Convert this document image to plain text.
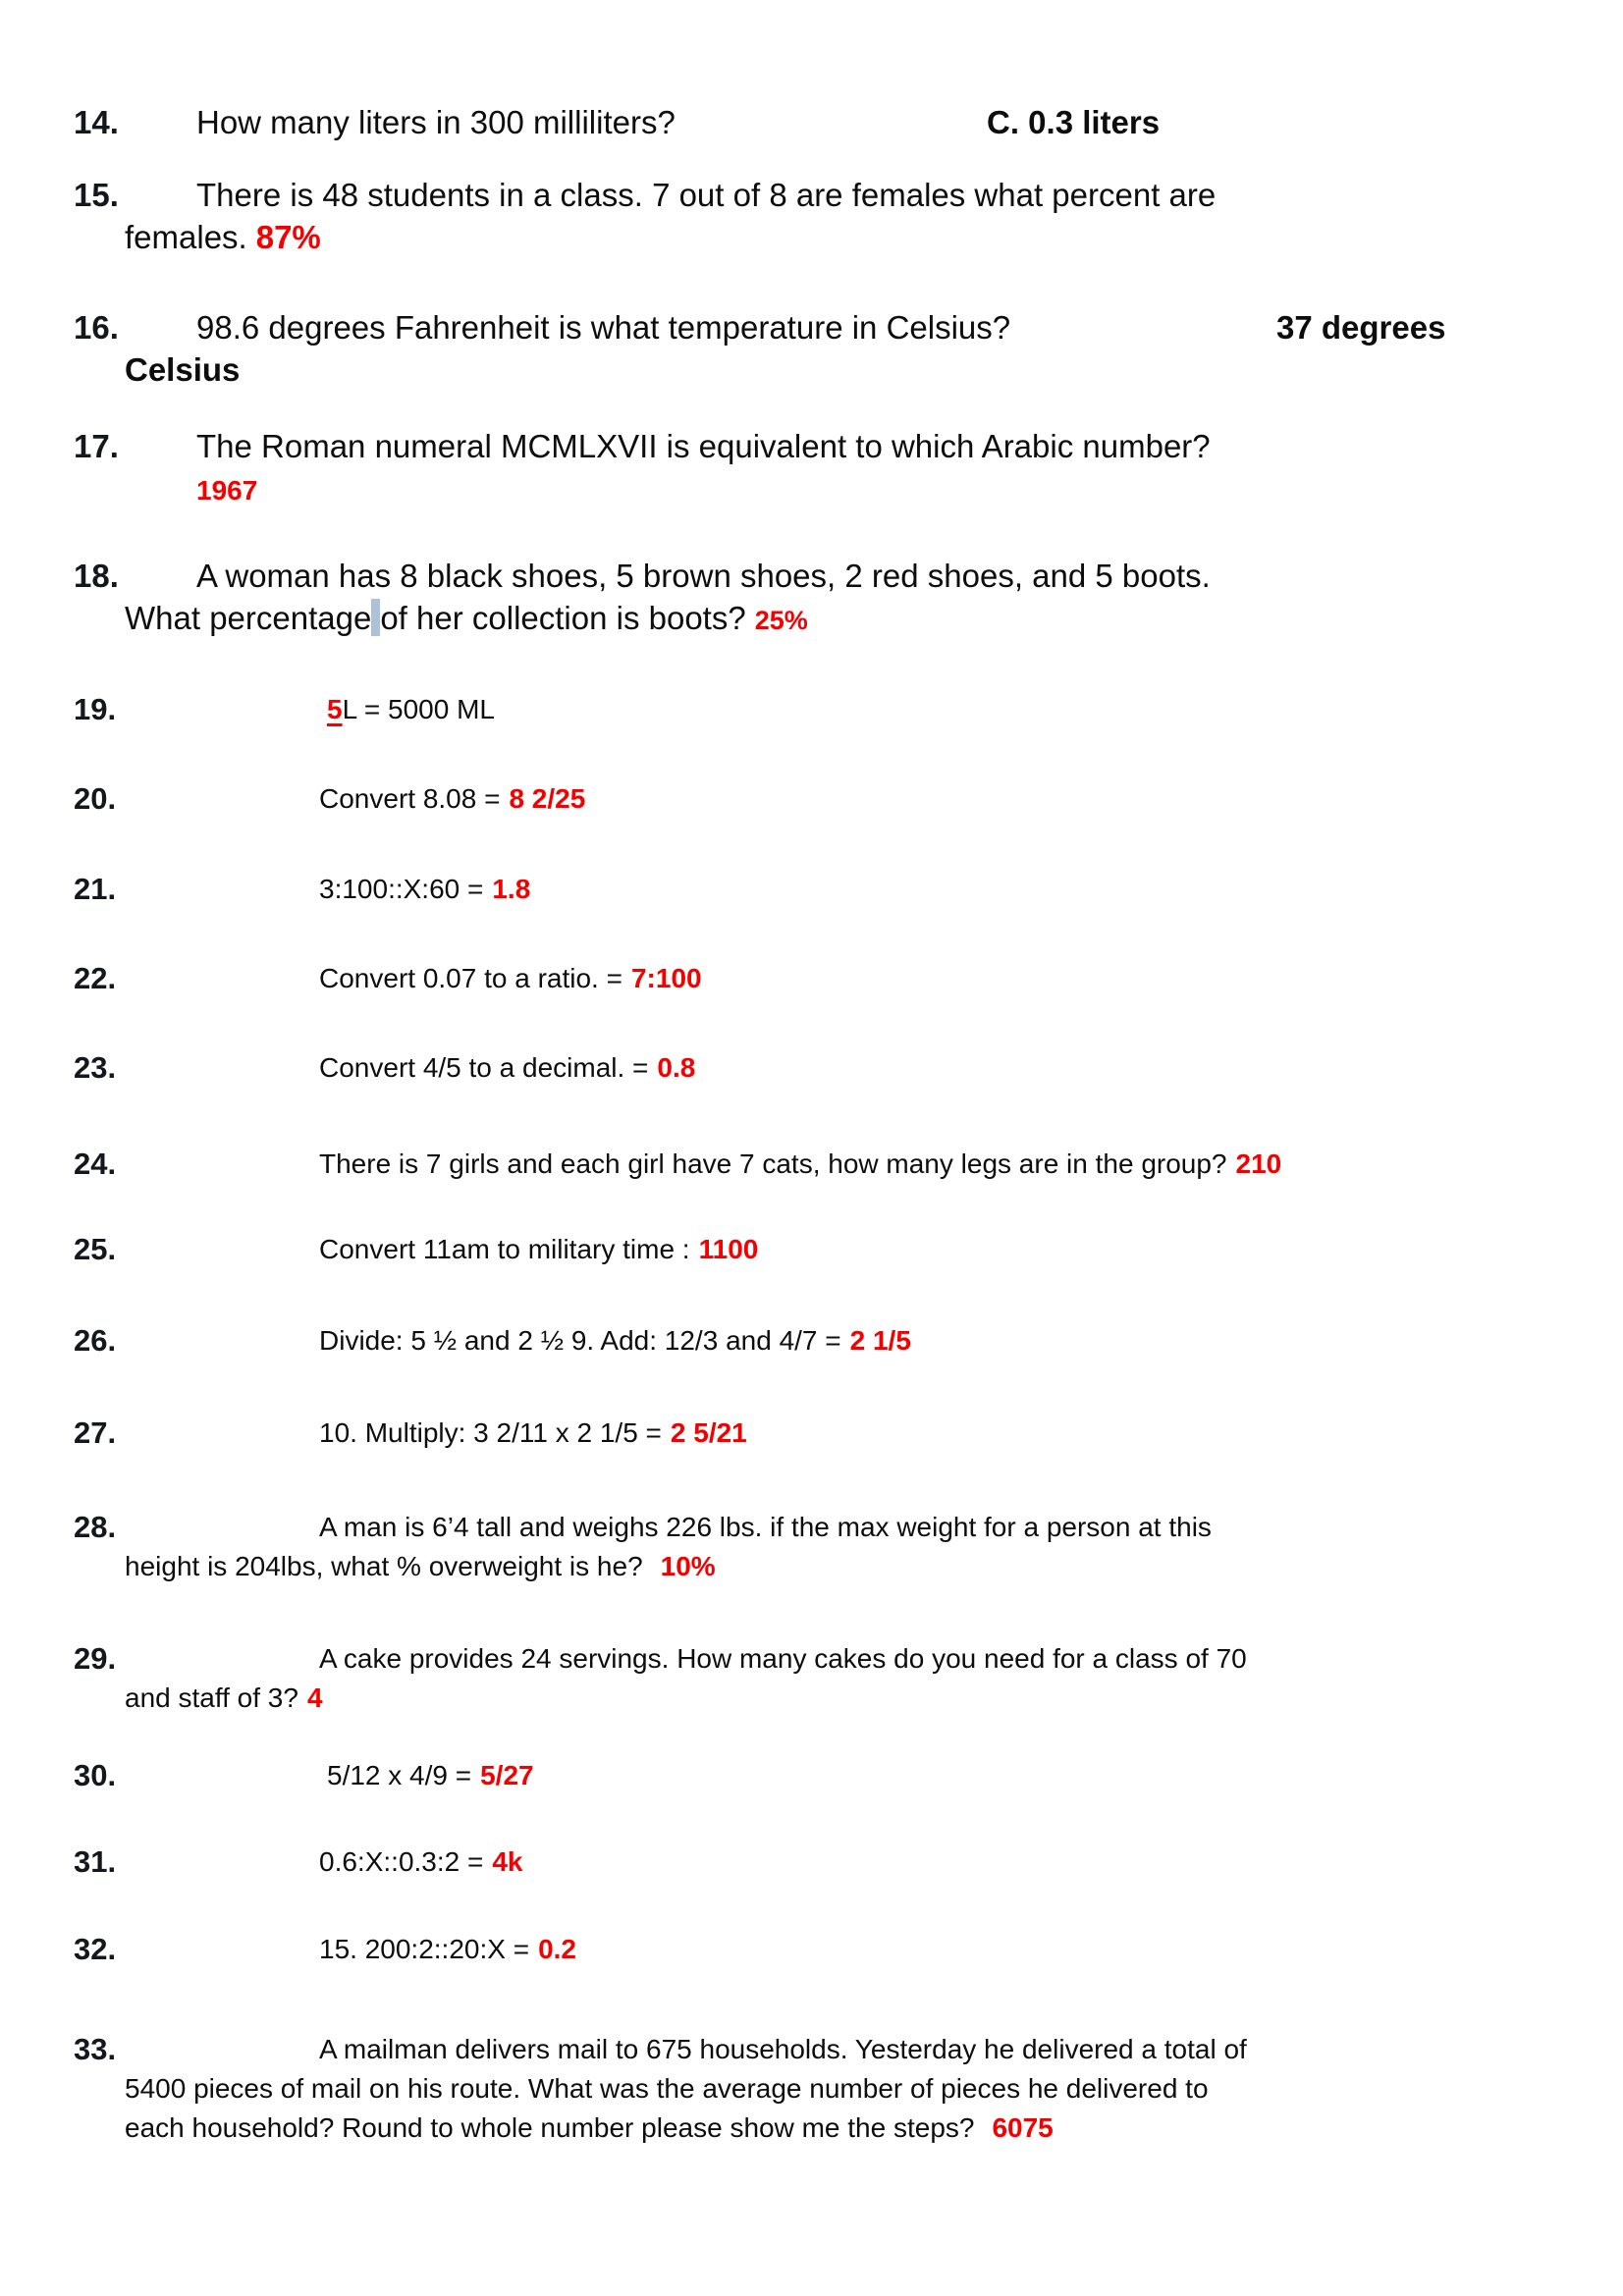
14.	How many liters in 300 milliliters?	C. 0.3 liters
15.	There is 48 students in a class. 7 out of 8 are females what percent are
females. 87%
16.	98.6 degrees Fahrenheit is what temperature in Celsius?	37 degrees
Celsius
17.	The Roman numeral MCMLXVII is equivalent to which Arabic number?
1967
18.	A woman has 8 black shoes, 5 brown shoes, 2 red shoes, and 5 boots.
What percentage of her collection is boots? 25%
19.	5L = 5000 ML
20.	Convert 8.08 = 8 2/25
21.	3:100::X:60 = 1.8
22.	Convert 0.07 to a ratio. = 7:100
23.	Convert 4/5 to a decimal. = 0.8
24.	There is 7 girls and each girl have 7 cats, how many legs are in the group? 210
25.	Convert 11am to military time : 1100
26.	Divide: 5 ½ and 2 ½ 9. Add: 12/3 and 4/7 = 2 1/5
27.	10. Multiply: 3 2/11 x 2 1/5 = 2 5/21
28.	A man is 6’4 tall and weighs 226 lbs. if the max weight for a person at this
height is 204lbs, what % overweight is he? 10%
29.	A cake provides 24 servings. How many cakes do you need for a class of 70
and staff of 3? 4
30.	5/12 x 4/9 = 5/27
31.	0.6:X::0.3:2 = 4k
32.	15. 200:2::20:X = 0.2
33.	A mailman delivers mail to 675 households. Yesterday he delivered a total of
5400 pieces of mail on his route. What was the average number of pieces he delivered to
each household? Round to whole number please show me the steps? 6075
